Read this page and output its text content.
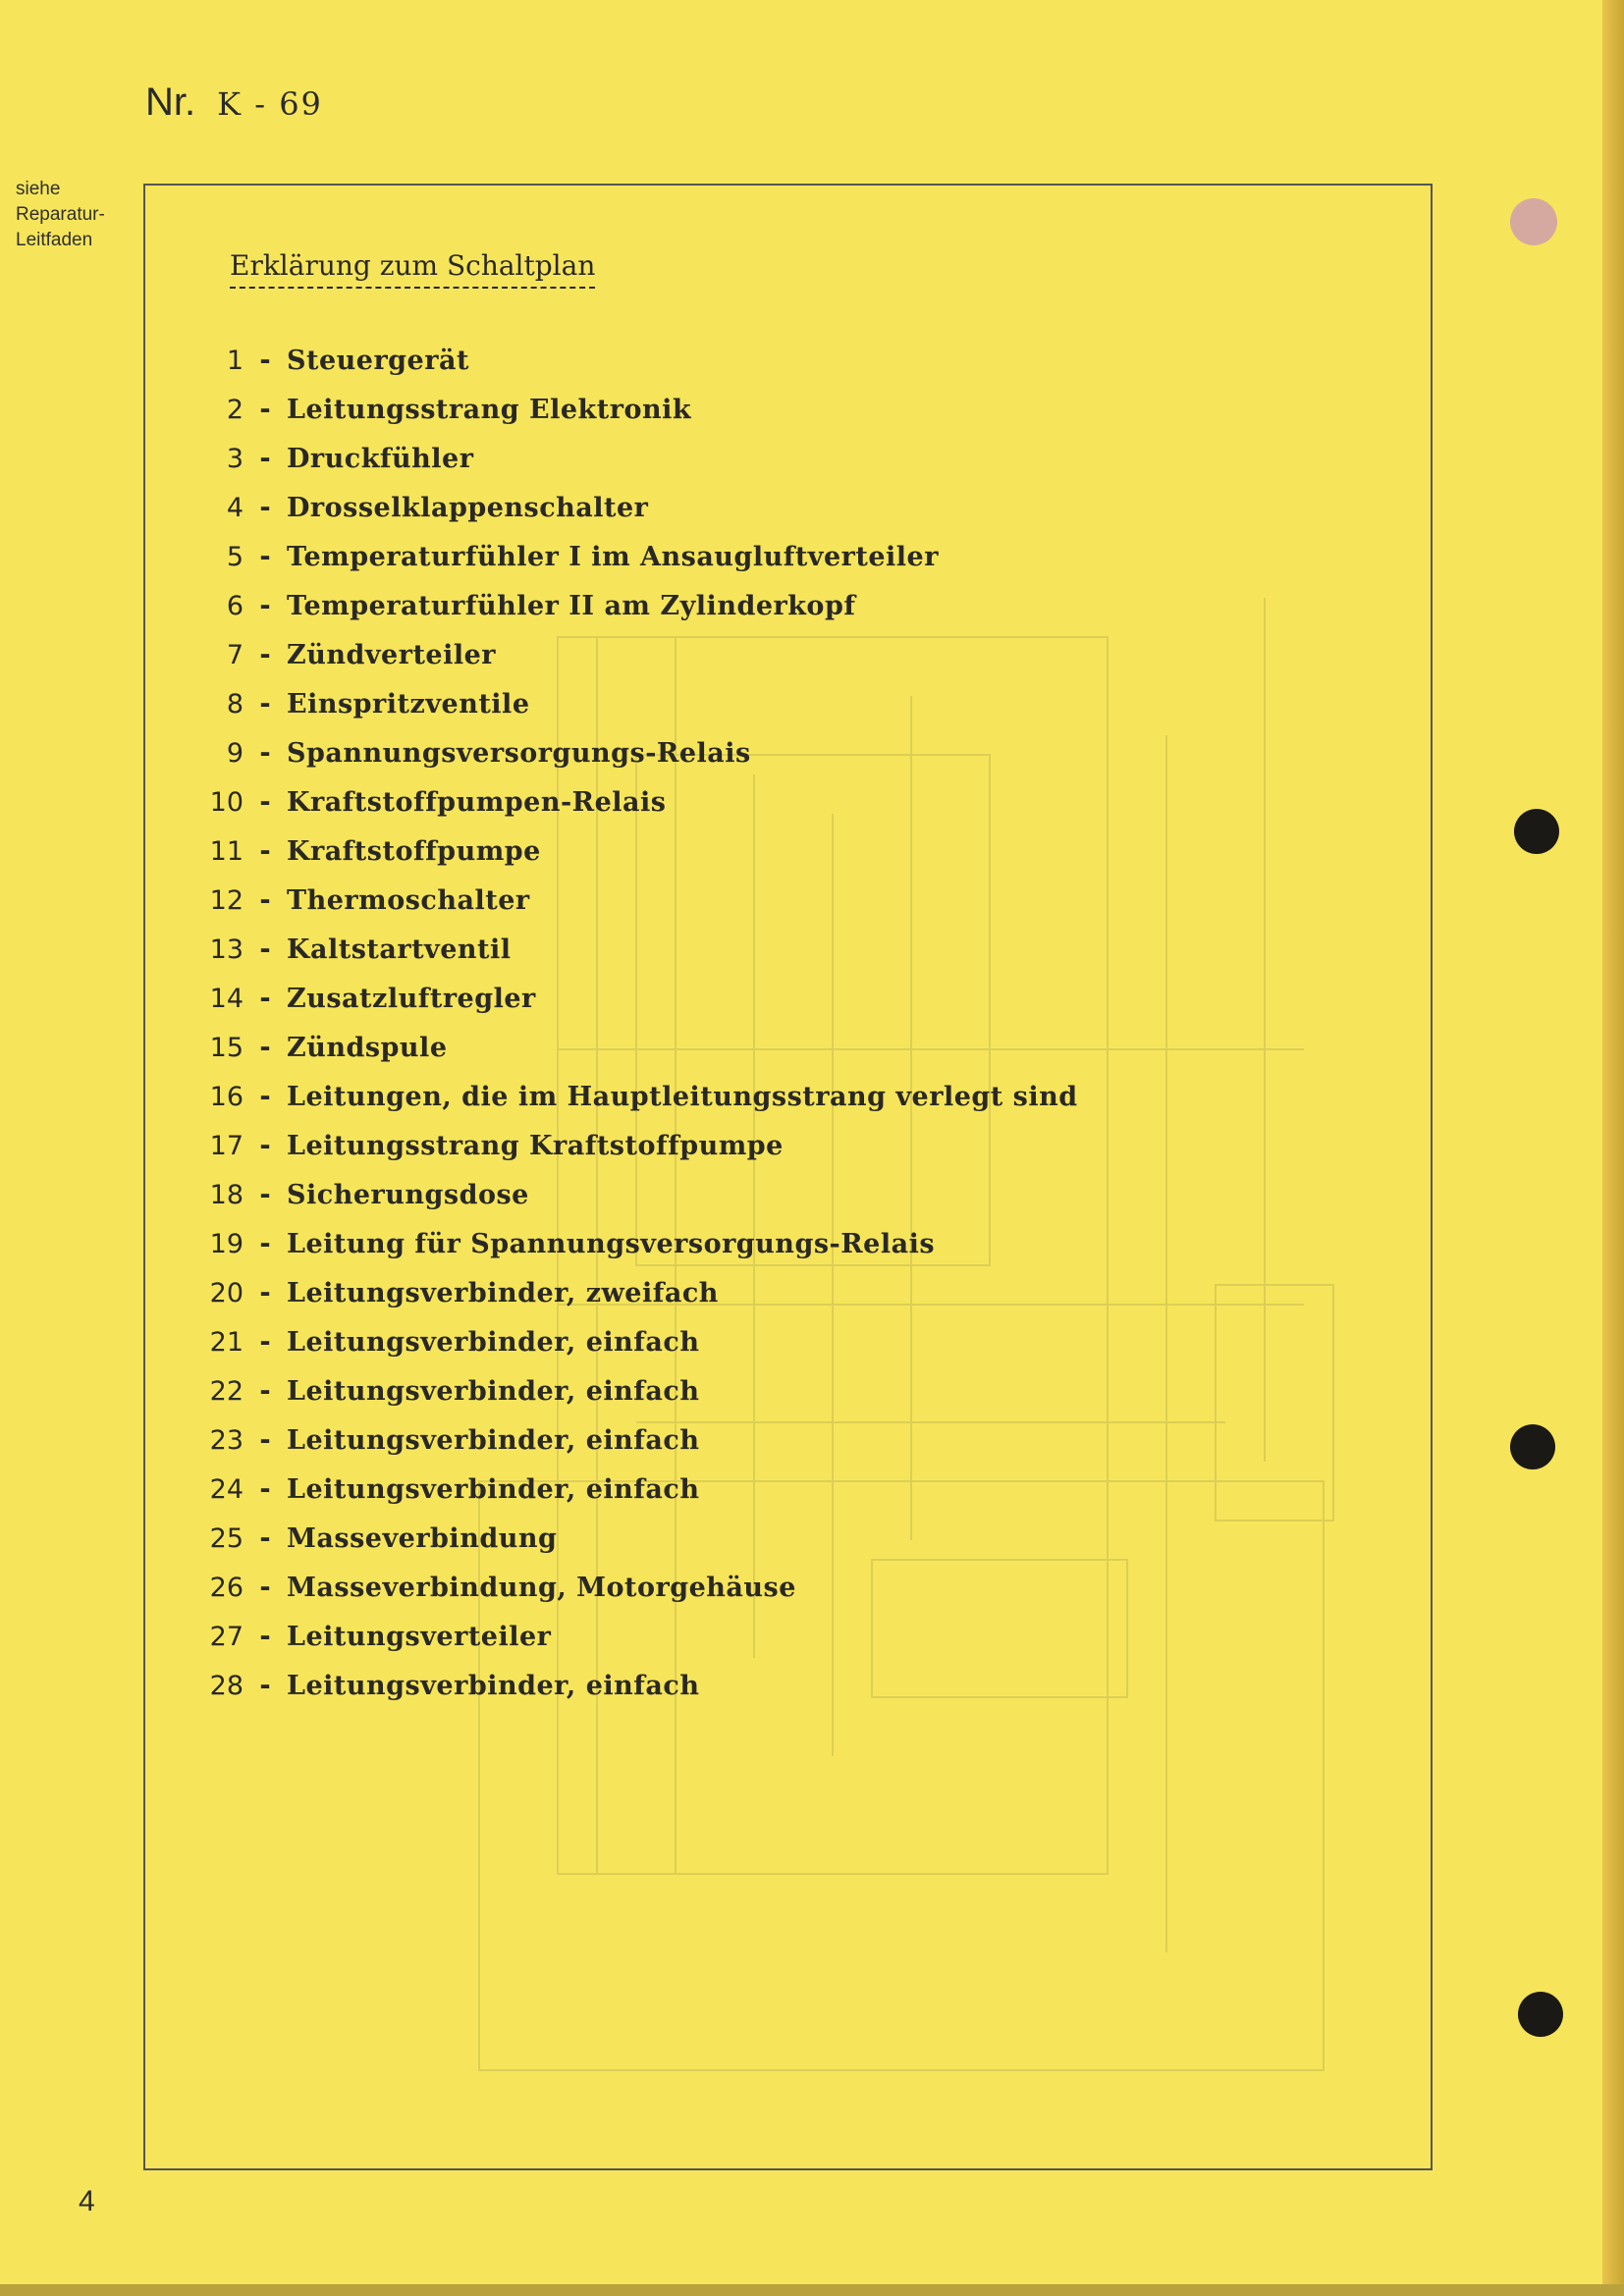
Nr. K - 69
siehe
Reparatur-
Leitfaden
Erklärung zum Schaltplan
1 - Steuergerät
2 - Leitungsstrang Elektronik
3 - Druckfühler
4 - Drosselklappenschalter
5 - Temperaturfühler I im Ansaugluftverteiler
6 - Temperaturfühler II am Zylinderkopf
7 - Zündverteiler
8 - Einspritzventile
9 - Spannungsversorgungs-Relais
10 - Kraftstoffpumpen-Relais
11 - Kraftstoffpumpe
12 - Thermoschalter
13 - Kaltstartventil
14 - Zusatzluftregler
15 - Zündspule
16 - Leitungen, die im Hauptleitungsstrang verlegt sind
17 - Leitungsstrang Kraftstoffpumpe
18 - Sicherungsdose
19 - Leitung für Spannungsversorgungs-Relais
20 - Leitungsverbinder, zweifach
21 - Leitungsverbinder, einfach
22 - Leitungsverbinder, einfach
23 - Leitungsverbinder, einfach
24 - Leitungsverbinder, einfach
25 - Masseverbindung
26 - Masseverbindung, Motorgehäuse
27 - Leitungsverteiler
28 - Leitungsverbinder, einfach
4
